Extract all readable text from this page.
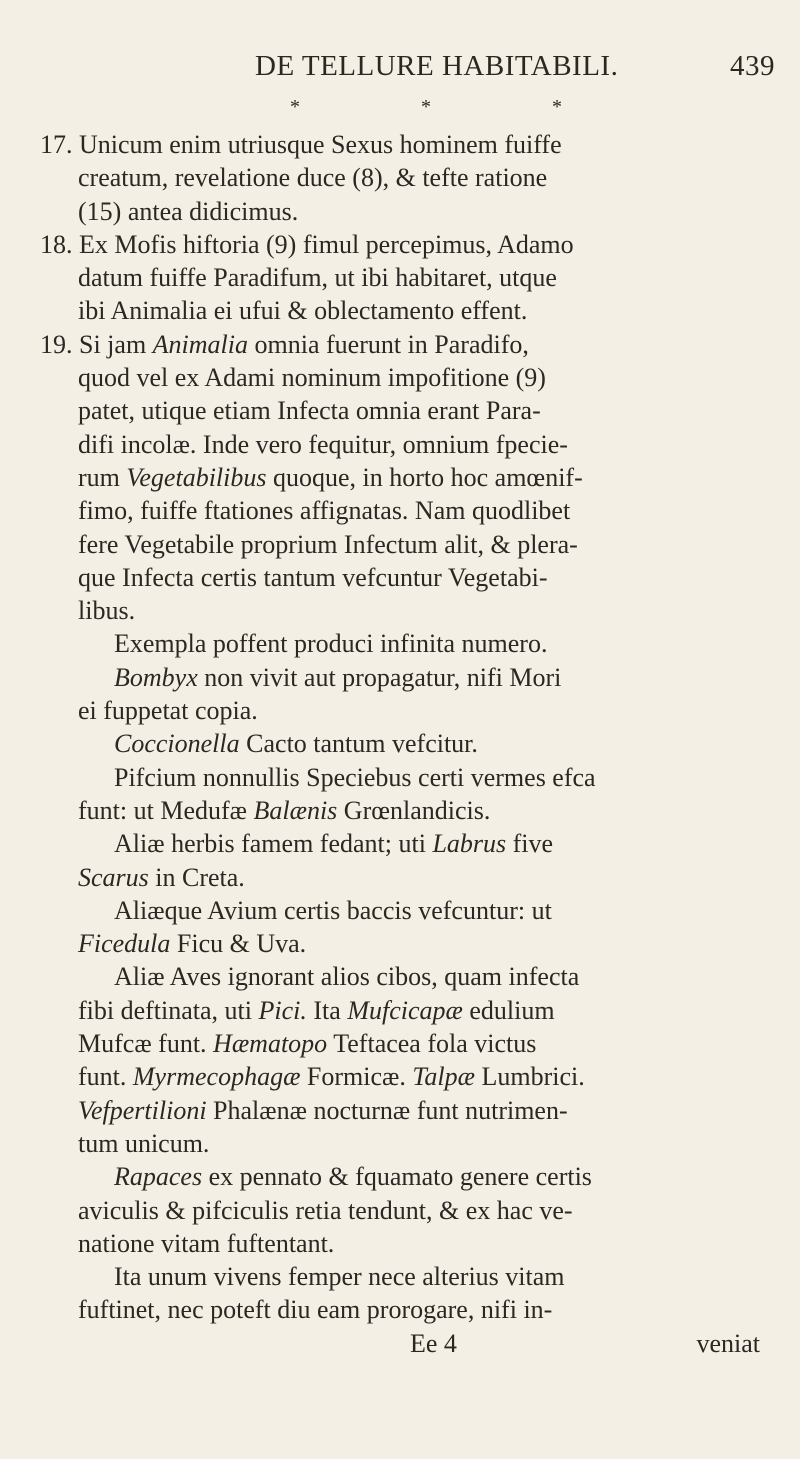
DE TELLURE HABITABILI.	439
* * *
17. Unicum enim utriusque Sexus hominem fuiffe
creatum, revelatione duce (8), & tefte ratione
(15) antea didicimus.
18. Ex Mofis hiftoria (9) fimul percepimus, Adamo
datum fuiffe Paradifum, ut ibi habitaret, utque
ibi Animalia ei ufui & oblectamento effent.
19. Si jam Animalia omnia fuerunt in Paradifo,
quod vel ex Adami nominum impofitione (9)
patet, utique etiam Infecta omnia erant Para-
difi incolæ. Inde vero fequitur, omnium fpecie-
rum Vegetabilibus quoque, in horto hoc amœnif-
fimo, fuiffe ftationes affignatas. Nam quodlibet
fere Vegetabile proprium Infectum alit, & plera-
que Infecta certis tantum vefcuntur Vegetabi-
libus.
Exempla poffent produci infinita numero.
Bombyx non vivit aut propagatur, nifi Mori
ei fuppetat copia.
Coccionella Cacto tantum vefcitur.
Pifcium nonnullis Speciebus certi vermes efca
funt: ut Medufæ Balænis Grœnlandicis.
Aliæ herbis famem fedant; uti Labrus five
Scarus in Creta.
Aliæque Avium certis baccis vefcuntur: ut
Ficedula Ficu & Uva.
Aliæ Aves ignorant alios cibos, quam infecta
fibi deftinata, uti Pici. Ita Mufcicapæ edulium
Mufcæ funt. Hæmatopo Teftacea fola victus
funt. Myrmecophagæ Formicæ. Talpæ Lumbrici.
Vefpertilioni Phalænæ nocturnæ funt nutrimen-
tum unicum.
Rapaces ex pennato & fquamato genere certis
aviculis & pifciculis retia tendunt, & ex hac ve-
natione vitam fuftentant.
Ita unum vivens femper nece alterius vitam
fuftinet, nec poteft diu eam prorogare, nifi in-
Ee 4	veniat
